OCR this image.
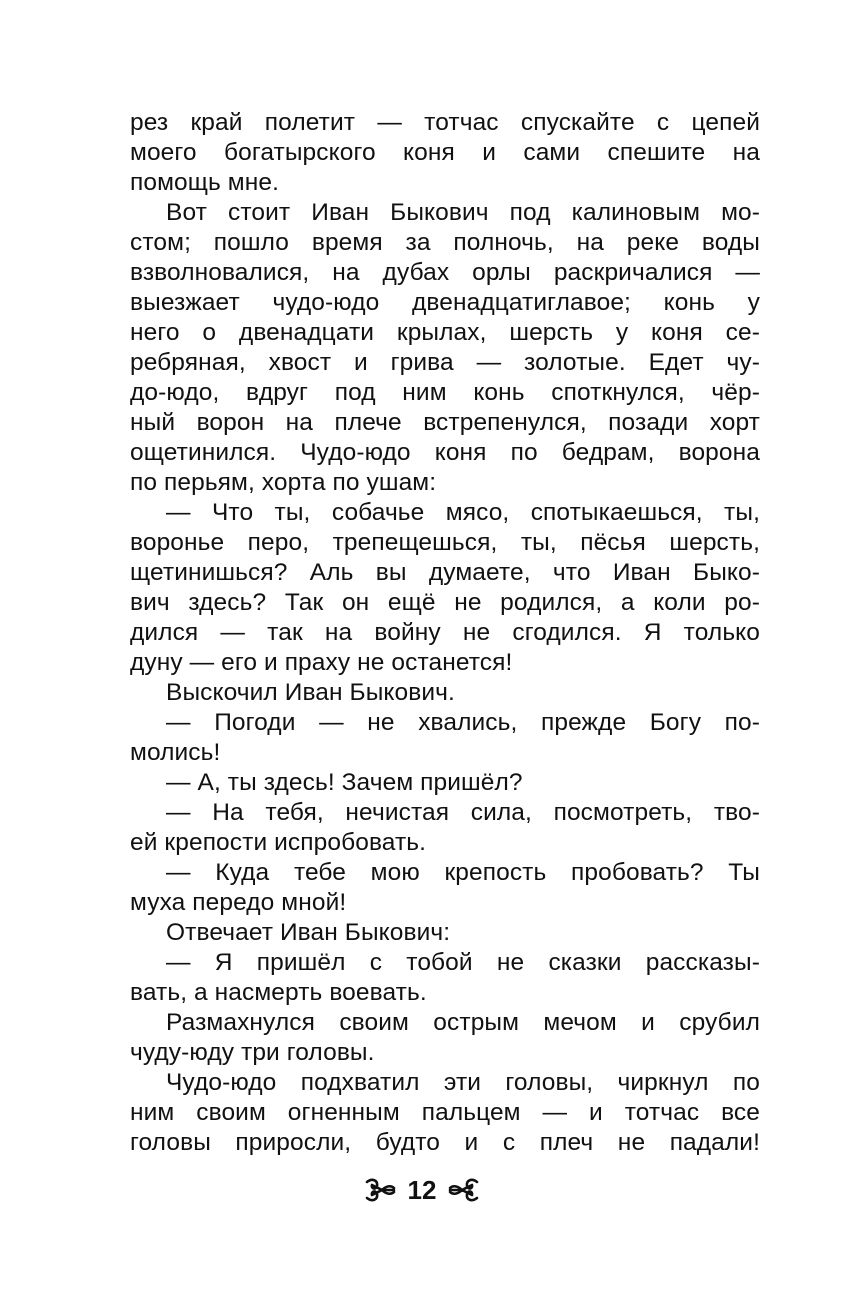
рез край полетит — тотчас спускайте с цепей
моего богатырского коня и сами спешите на
помощь мне.
Вот стоит Иван Быкович под калиновым мо-
стом; пошло время за полночь, на реке воды
взволновалися, на дубах орлы раскричалися —
выезжает чудо-юдо двенадцатиглавое; конь у
него о двенадцати крылах, шерсть у коня се-
ребряная, хвост и грива — золотые. Едет чу-
до-юдо, вдруг под ним конь споткнулся, чёр-
ный ворон на плече встрепенулся, позади хорт
ощетинился. Чудо-юдо коня по бедрам, ворона
по перьям, хорта по ушам:
— Что ты, собачье мясо, спотыкаешься, ты,
воронье перо, трепещешься, ты, пёсья шерсть,
щетинишься? Аль вы думаете, что Иван Быко-
вич здесь? Так он ещё не родился, а коли ро-
дился — так на войну не сгодился. Я только
дуну — его и праху не останется!
Выскочил Иван Быкович.
— Погоди — не хвались, прежде Богу по-
молись!
— А, ты здесь! Зачем пришёл?
— На тебя, нечистая сила, посмотреть, тво-
ей крепости испробовать.
— Куда тебе мою крепость пробовать? Ты
муха передо мной!
Отвечает Иван Быкович:
— Я пришёл с тобой не сказки рассказы-
вать, а насмерть воевать.
Размахнулся своим острым мечом и срубил
чуду-юду три головы.
Чудо-юдо подхватил эти головы, чиркнул по
ним своим огненным пальцем — и тотчас все
головы приросли, будто и с плеч не падали!
12
